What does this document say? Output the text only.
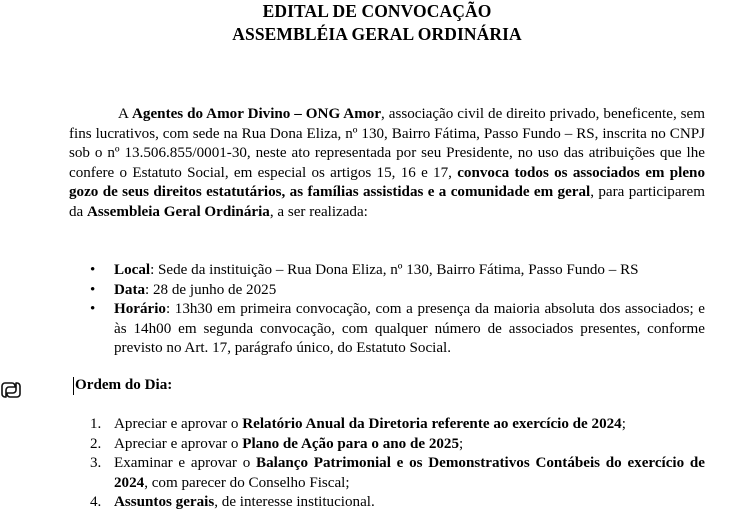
EDITAL DE CONVOCAÇÃO
ASSEMBLÉIA GERAL ORDINÁRIA

A Agentes do Amor Divino – ONG Amor, associação civil de direito privado, beneficente, sem fins lucrativos, com sede na Rua Dona Eliza, nº 130, Bairro Fátima, Passo Fundo – RS, inscrita no CNPJ sob o nº 13.506.855/0001-30, neste ato representada por seu Presidente, no uso das atribuições que lhe confere o Estatuto Social, em especial os artigos 15, 16 e 17, convoca todos os associados em pleno gozo de seus direitos estatutários, as famílias assistidas e a comunidade em geral, para participarem da Assembleia Geral Ordinária, a ser realizada:

• Local: Sede da instituição – Rua Dona Eliza, nº 130, Bairro Fátima, Passo Fundo – RS
• Data: 28 de junho de 2025
• Horário: 13h30 em primeira convocação, com a presença da maioria absoluta dos associados; e às 14h00 em segunda convocação, com qualquer número de associados presentes, conforme previsto no Art. 17, parágrafo único, do Estatuto Social.
Ordem do Dia:
1. Apreciar e aprovar o Relatório Anual da Diretoria referente ao exercício de 2024;
2. Apreciar e aprovar o Plano de Ação para o ano de 2025;
3. Examinar e aprovar o Balanço Patrimonial e os Demonstrativos Contábeis do exercício de 2024, com parecer do Conselho Fiscal;
4. Assuntos gerais, de interesse institucional.
